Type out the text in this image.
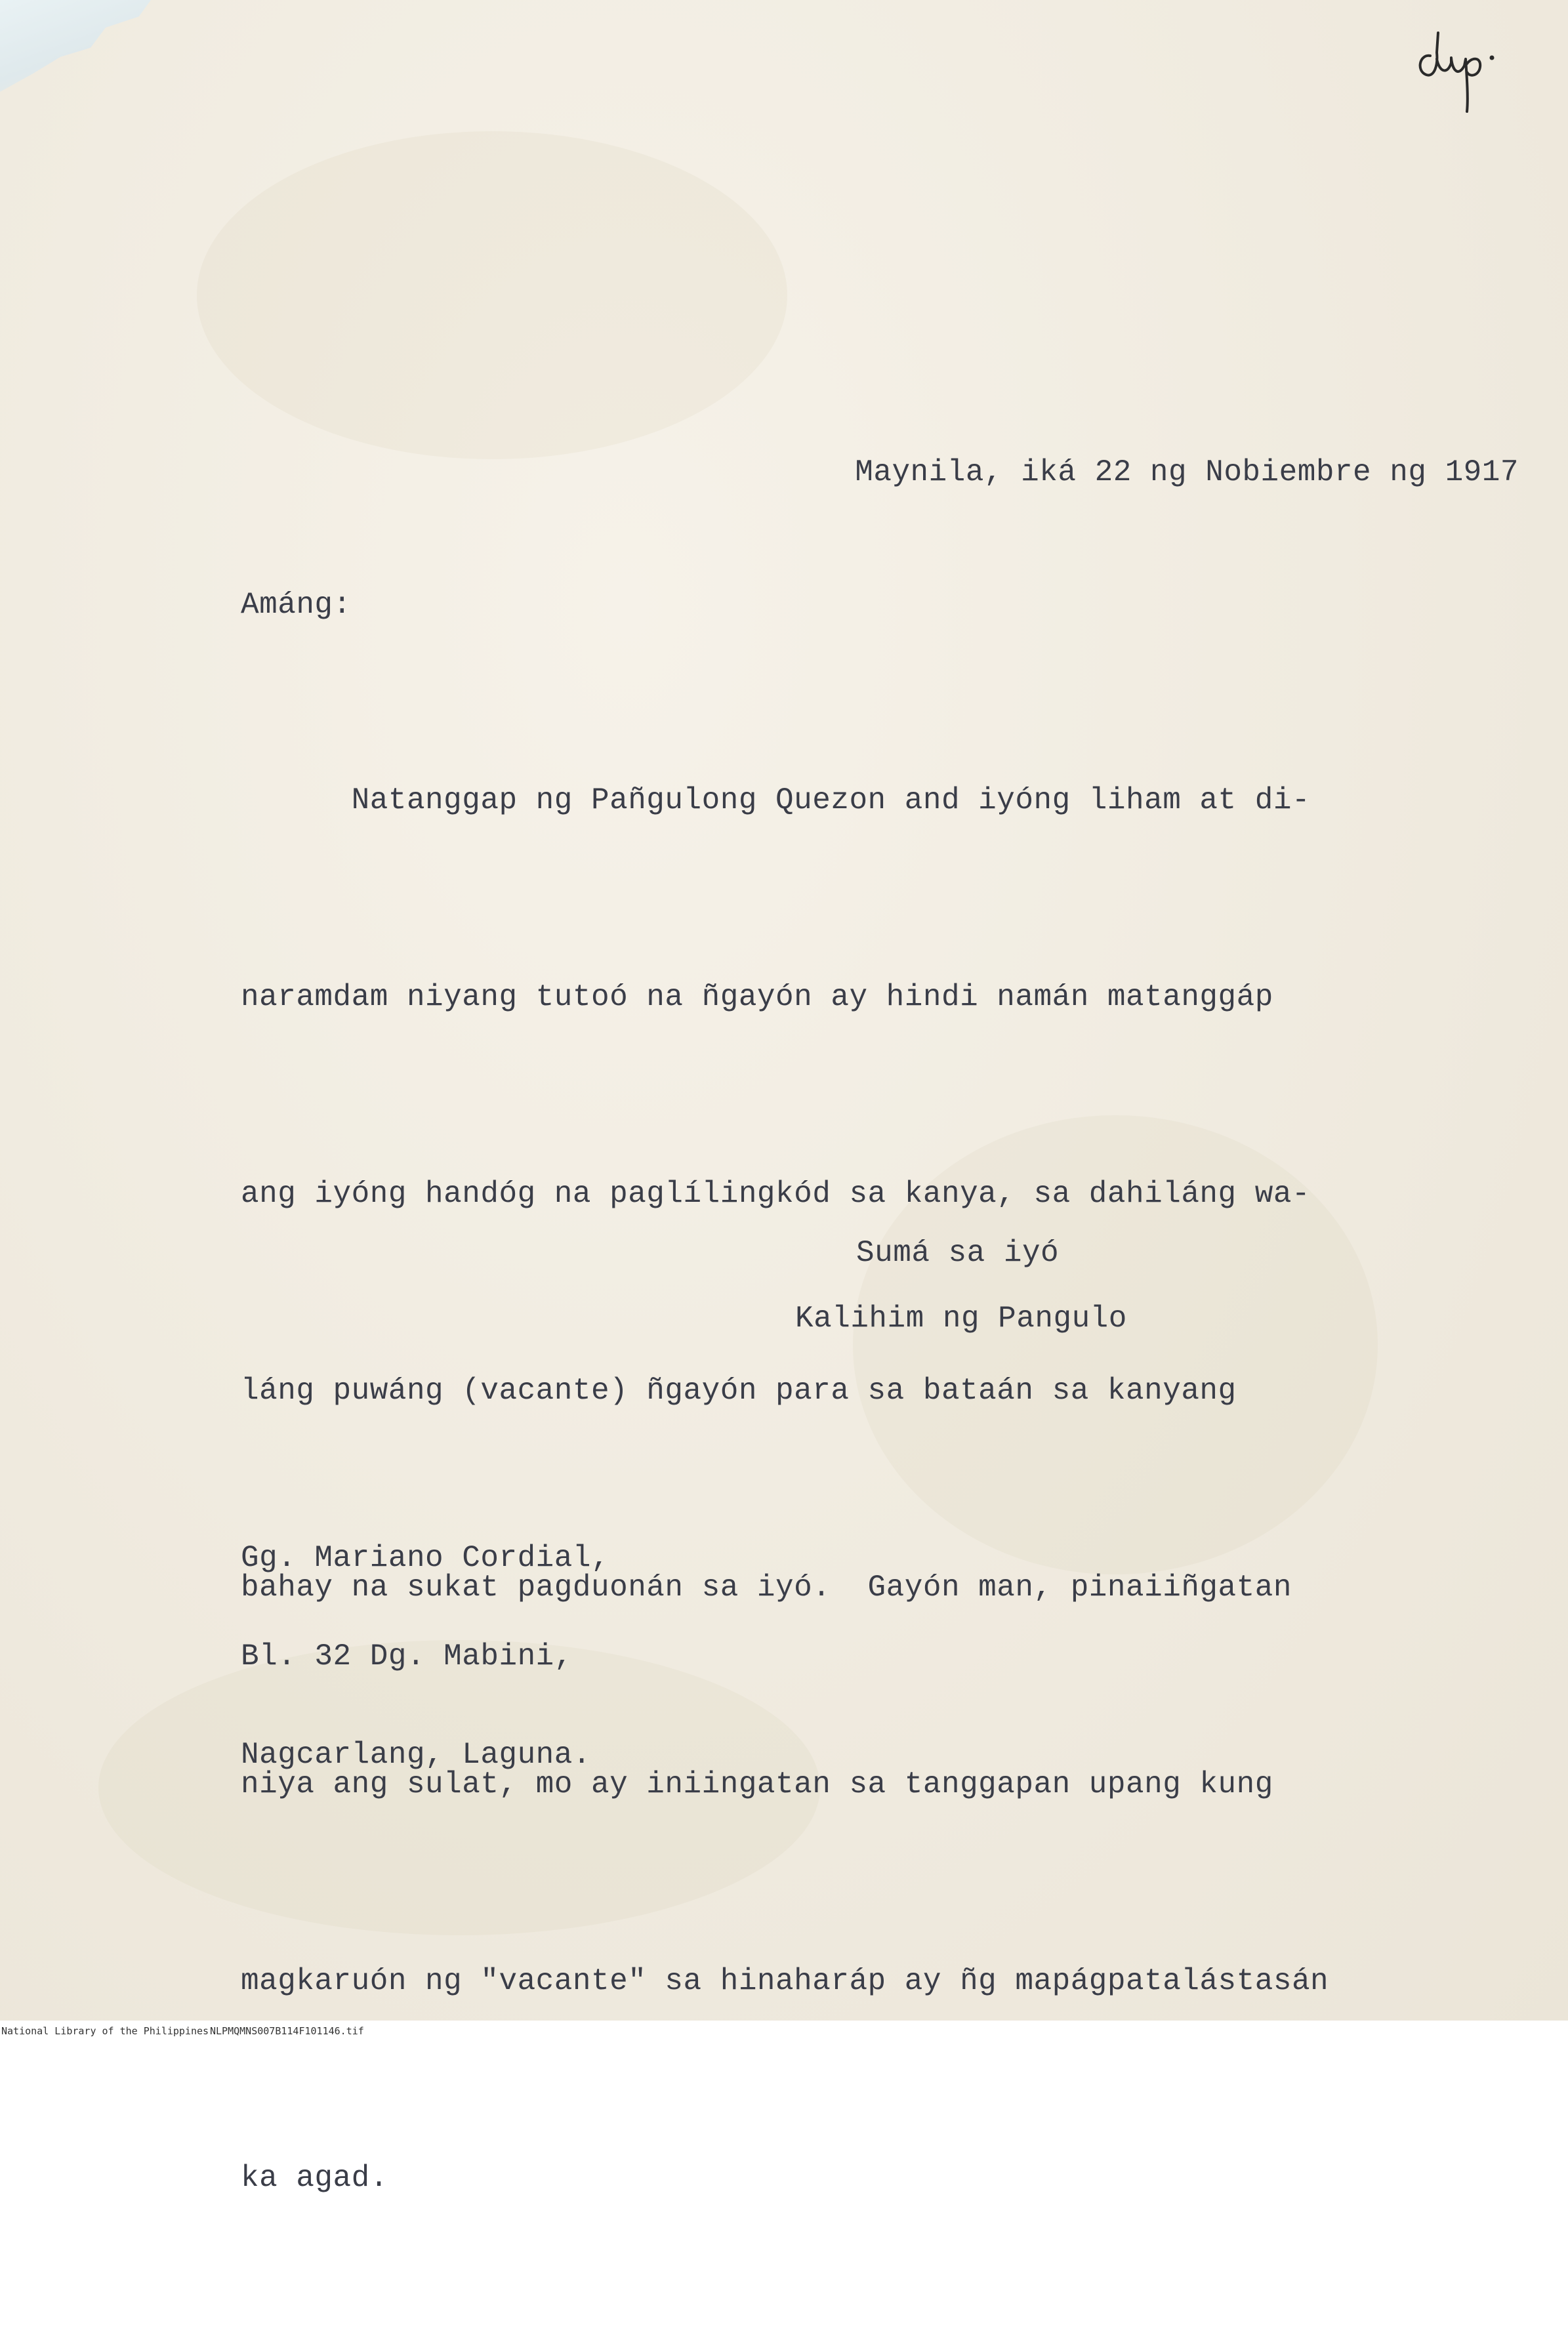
Maynila, iká 22 ng Nobiembre ng 1917

Amáng:

Natanggap ng Pañgulong Quezon and iyóng liham at di-

naramdam niyang tutoó na ñgayón ay hindi namán matanggáp

ang iyóng handóg na paglílingkód sa kanya, sa dahiláng wa-

láng puwáng (vacante) ñgayón para sa bataán sa kanyang

bahay na sukat pagduonán sa iyó.  Gayón man, pinaiiñgatan

niya ang sulat, mo ay iniingatan sa tanggapan upang kung

magkaruón ng "vacante" sa hinaharáp ay ñg mapágpatalástasán

ka agad.

Sumá sa iyó

Kalihim ng Pangulo

Gg. Mariano Cordial,

Bl. 32 Dg. Mabini,

Nagcarlang, Laguna.

National Library of the Philippines NLPMQMNS007B114F101146.tif
